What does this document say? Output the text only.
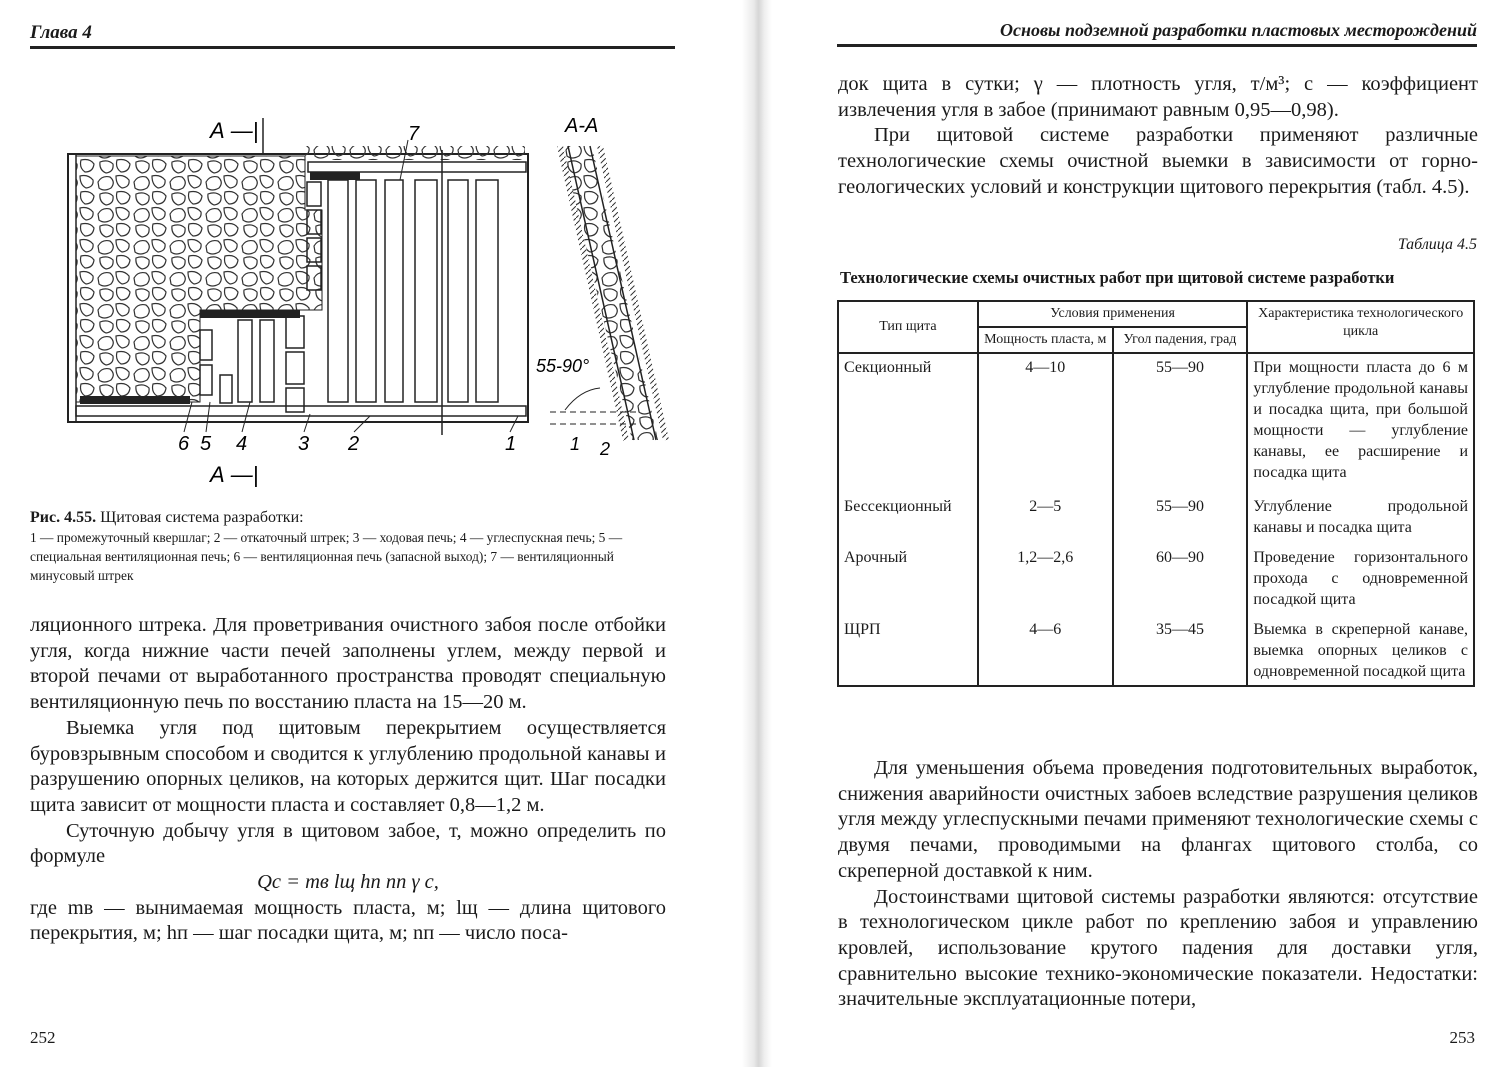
Глава 4
А —|
А —|
7
6 5 4	3 2	1
А-А
55-90°
1 2
Рис. 4.55. Щитовая система разработки:
1 — промежуточный квершлаг; 2 — откаточный штрек; 3 — ходовая печь; 4 — углеспускная печь; 5 — специальная вентиляционная печь; 6 — вентиляционная печь (запасной выход); 7 — вентиляционный минусовый штрек

ляционного штрека. Для проветривания очистного забоя после отбойки угля, когда нижние части печей заполнены углем, между первой и второй печами от выработанного пространства проводят специальную вентиляционную печь по восстанию пласта на 15—20 м.

Выемка угля под щитовым перекрытием осуществляется буровзрывным способом и сводится к углублению продольной канавы и разрушению опорных целиков, на которых держится щит. Шаг посадки щита зависит от мощности пласта и составляет 0,8—1,2 м.

Суточную добычу угля в щитовом забое, т, можно определить по формуле

Qс = mв lщ hп nп γ c,

где mв — вынимаемая мощность пласта, м; lщ — длина щитового перекрытия, м; hп — шаг посадки щита, м; nп — число поса-

252
Основы подземной разработки пластовых месторождений

док щита в сутки; γ — плотность угля, т/м³; c — коэффициент извлечения угля в забое (принимают равным 0,95—0,98).

При щитовой системе разработки применяют различные технологические схемы очистной выемки в зависимости от горно-геологических условий и конструкции щитового перекрытия (табл. 4.5).

Таблица 4.5
Технологические схемы очистных работ при щитовой системе разработки
Тип щита	Условия применения		Характеристика технологического цикла
	Мощность пласта, м	Угол падения, град	
Секционный	4—10	55—90	При мощности пласта до 6 м углубление продольной канавы и посадка щита, при большой мощности — углубление канавы, ее расширение и посадка щита
Бессекционный	2—5	55—90	Углубление продольной канавы и посадка щита
Арочный	1,2—2,6	60—90	Проведение горизонтального прохода с одновременной посадкой щита
ЩРП	4—6	35—45	Выемка в скреперной канаве, выемка опорных целиков с одновременной посадкой щита

Для уменьшения объема проведения подготовительных выработок, снижения аварийности очистных забоев вследствие разрушения целиков угля между углеспускными печами применяют технологические схемы с двумя печами, проводимыми на флангах щитового столба, со скреперной доставкой к ним.

Достоинствами щитовой системы разработки являются: отсутствие в технологическом цикле работ по креплению забоя и управлению кровлей, использование крутого падения для доставки угля, сравнительно высокие технико-экономические показатели. Недостатки: значительные эксплуатационные потери,

253
